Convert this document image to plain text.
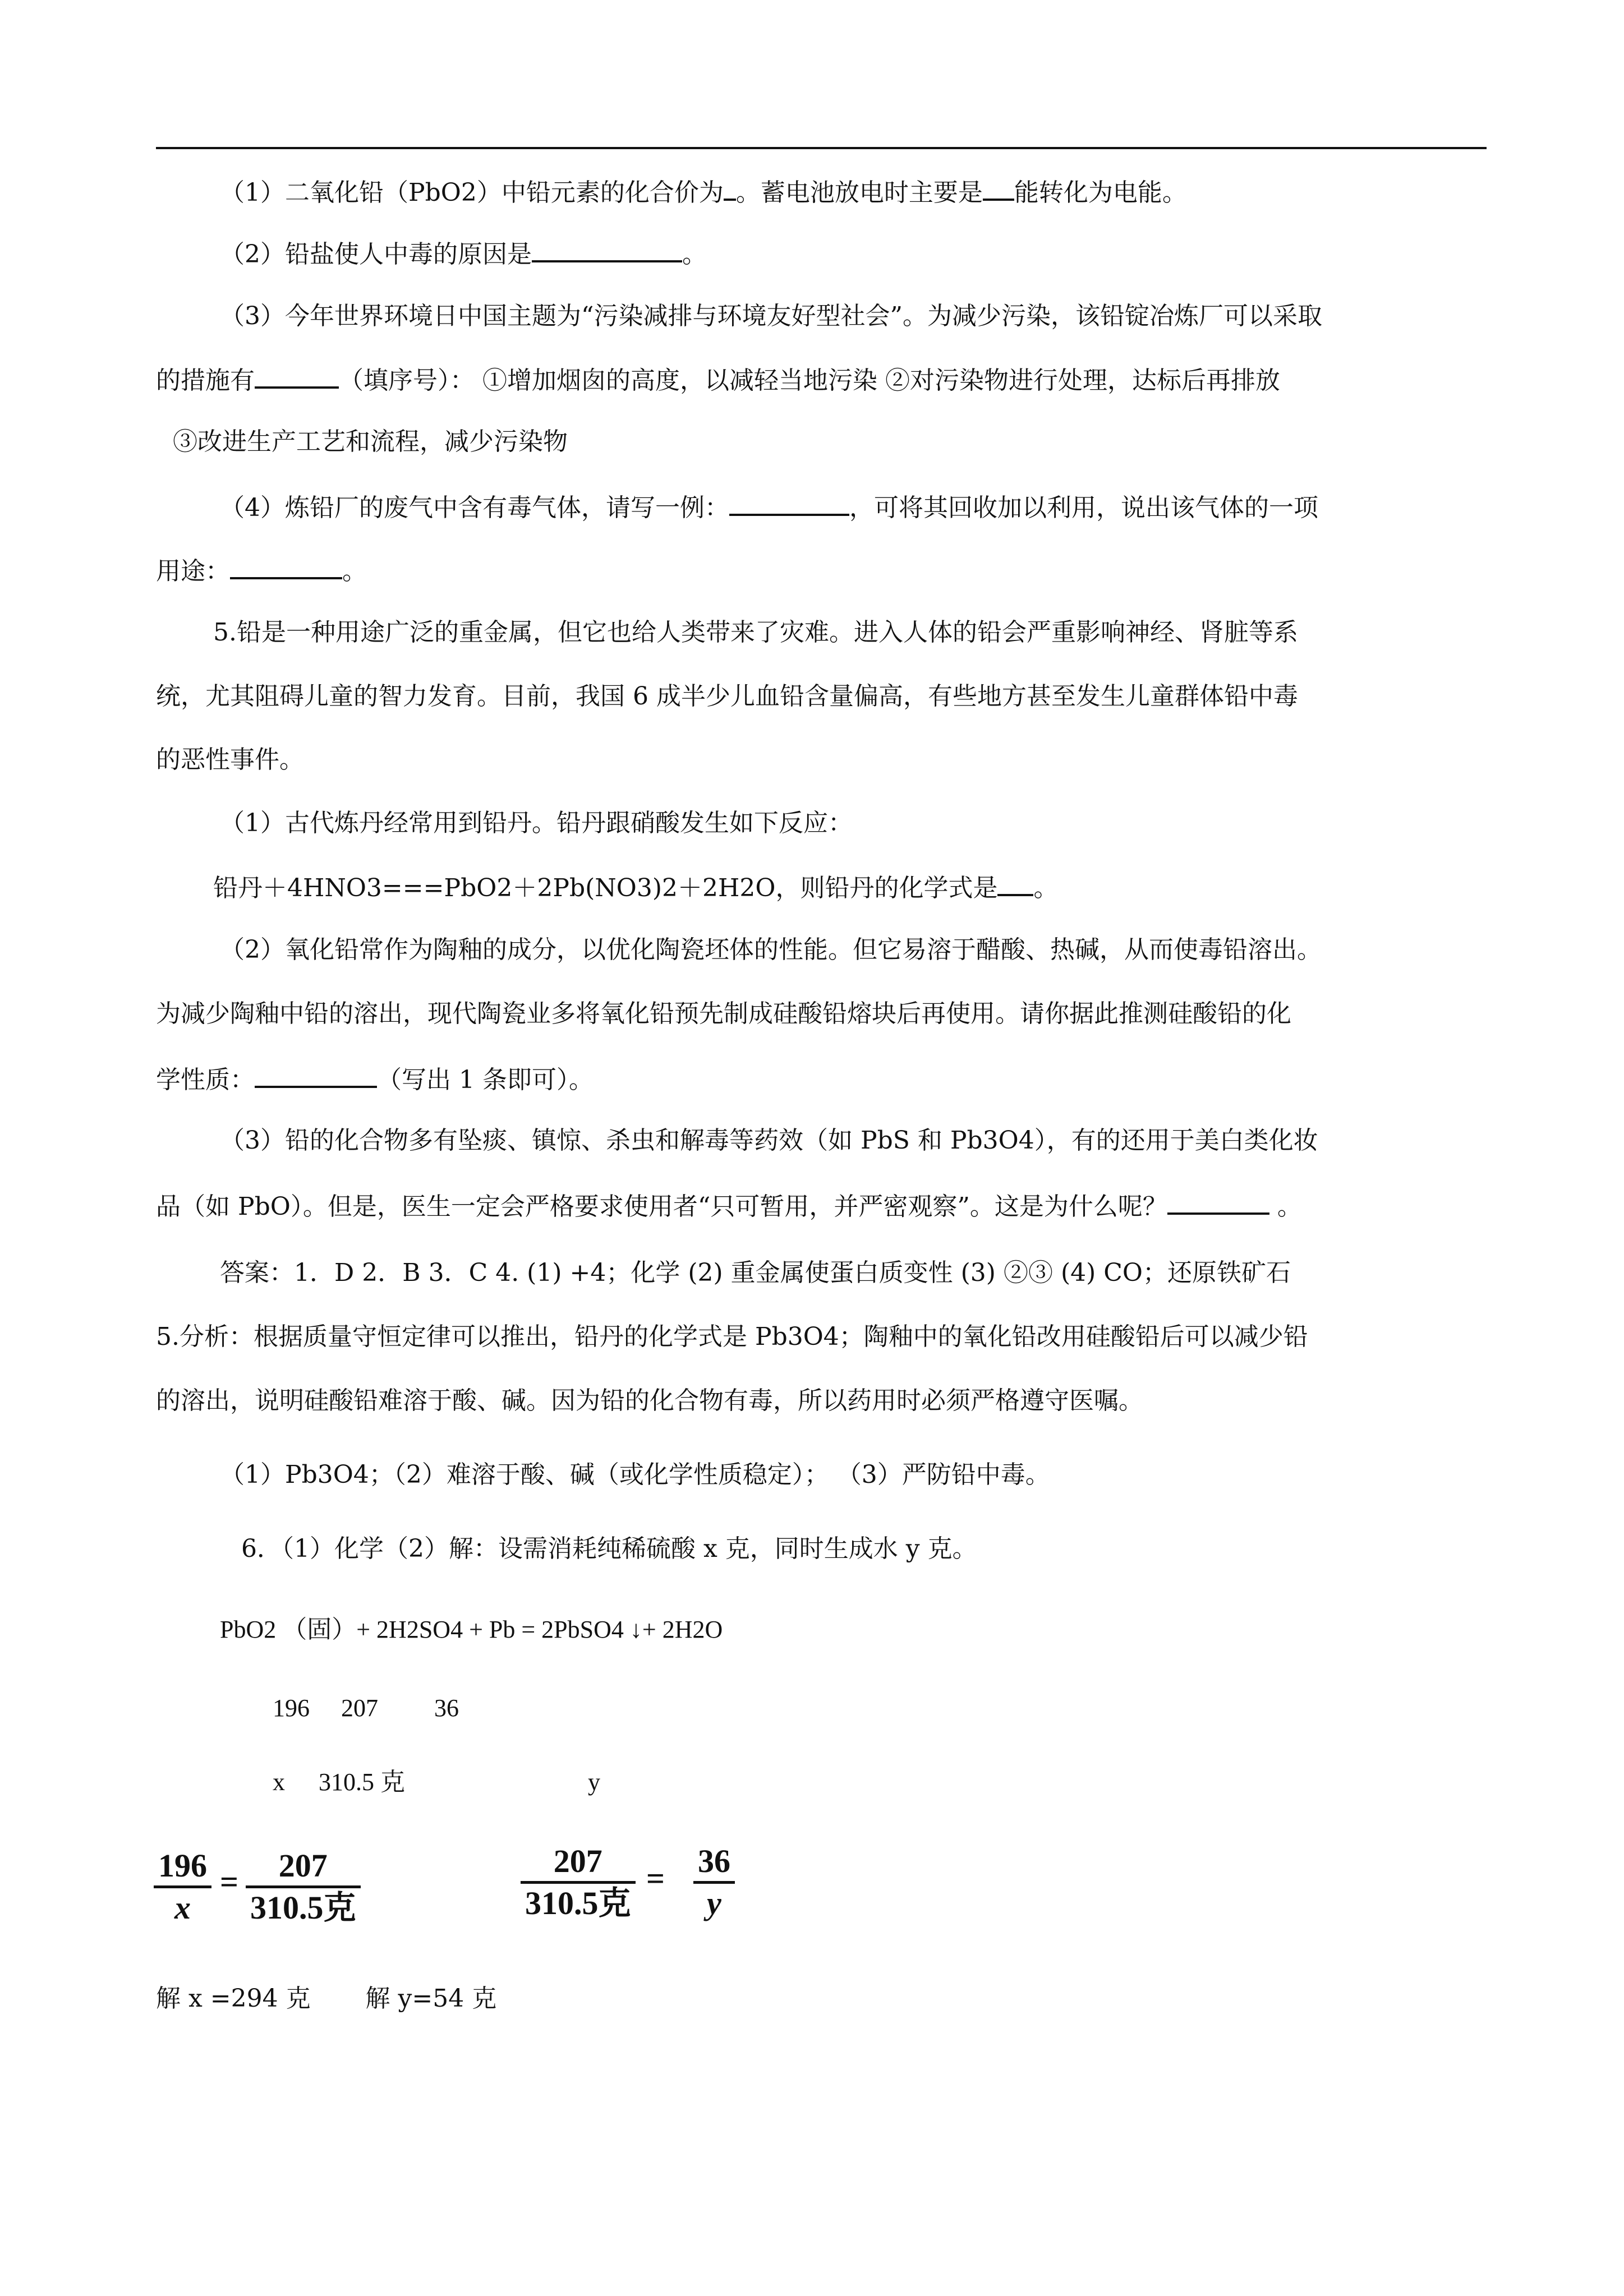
（1）二氧化铅（PbO2）中铅元素的化合价为 。蓄电池放电时主要是 能转化为电能。

（2）铅盐使人中毒的原因是	。

（3）今年世界环境日中国主题为“污染减排与环境友好型社会”。为减少污染，该铅锭冶炼厂可以采取

的措施有	（填序号）： ①增加烟囱的高度，以减轻当地污染 ②对污染物进行处理，达标后再排放

③改进生产工艺和流程，减少污染物

（4）炼铅厂的废气中含有毒气体，请写一例：	，可将其回收加以利用，说出该气体的一项

用途：	。

5.铅是一种用途广泛的重金属，但它也给人类带来了灾难。进入人体的铅会严重影响神经、肾脏等系

统，尤其阻碍儿童的智力发育。目前，我国 6 成半少儿血铅含量偏高，有些地方甚至发生儿童群体铅中毒

的恶性事件。

（1）古代炼丹经常用到铅丹。铅丹跟硝酸发生如下反应：

铅丹＋4HNO3===PbO2＋2Pb(NO3)2＋2H2O，则铅丹的化学式是 。

（2）氧化铅常作为陶釉的成分，以优化陶瓷坯体的性能。但它易溶于醋酸、热碱，从而使毒铅溶出。

为减少陶釉中铅的溶出，现代陶瓷业多将氧化铅预先制成硅酸铅熔块后再使用。请你据此推测硅酸铅的化

学性质：	（写出 1 条即可）。

（3）铅的化合物多有坠痰、镇惊、杀虫和解毒等药效（如 PbS 和 Pb3O4），有的还用于美白类化妆

品（如 PbO）。但是，医生一定会严格要求使用者“只可暂用，并严密观察”。这是为什么呢？	。

答案：1．D 2．B 3．C 4. (1) +4；化学 (2) 重金属使蛋白质变性 (3) ②③ (4) CO；还原铁矿石

5.分析：根据质量守恒定律可以推出，铅丹的化学式是 Pb3O4；陶釉中的氧化铅改用硅酸铅后可以减少铅

的溶出，说明硅酸铅难溶于酸、碱。因为铅的化合物有毒，所以药用时必须严格遵守医嘱。

（1）Pb3O4；（2）难溶于酸、碱（或化学性质稳定）； （3）严防铅中毒。

6．（1）化学（2）解：设需消耗纯稀硫酸 x 克，同时生成水 y 克。

PbO2 （固）+ 2H2SO4 + Pb = 2PbSO4 ↓+ 2H2O

196 207 36

x 310.5 克	y

196
x
= 207
310.5克
207
310.5克
= 36
y

解 x =294 克       解 y=54 克
